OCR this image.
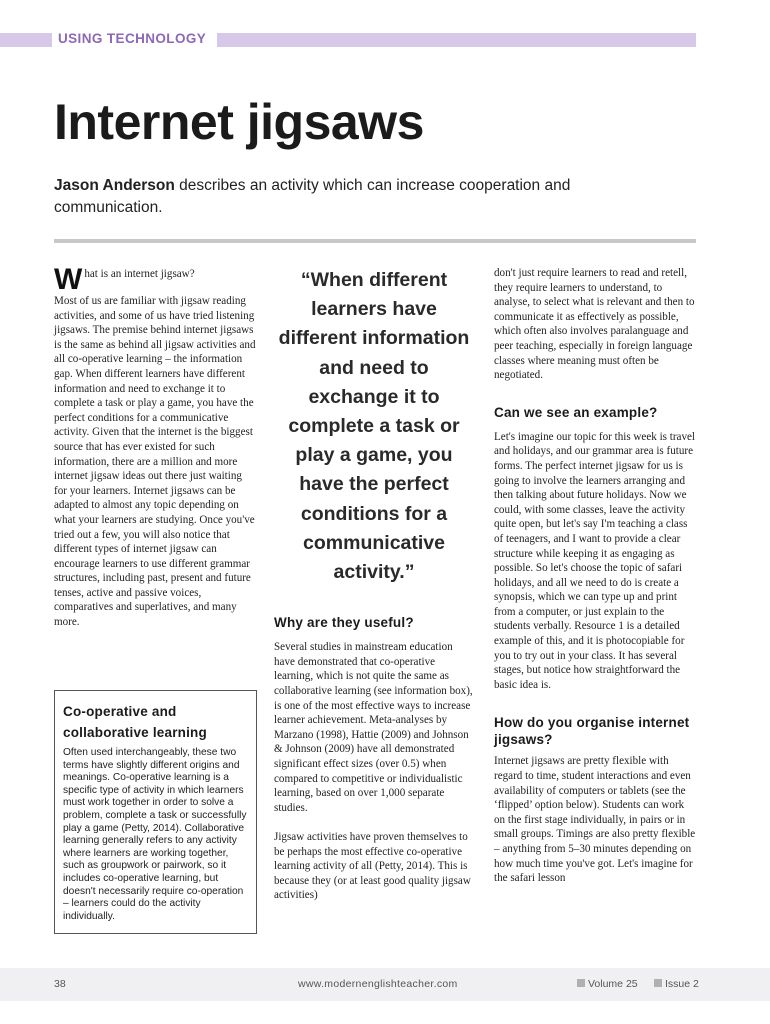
USING TECHNOLOGY
Internet jigsaws
Jason Anderson describes an activity which can increase cooperation and communication.
What is an internet jigsaw?

Most of us are familiar with jigsaw reading activities, and some of us have tried listening jigsaws. The premise behind internet jigsaws is the same as behind all jigsaw activities and all co-operative learning – the information gap. When different learners have different information and need to exchange it to complete a task or play a game, you have the perfect conditions for a communicative activity. Given that the internet is the biggest source that has ever existed for such information, there are a million and more internet jigsaw ideas out there just waiting for your learners. Internet jigsaws can be adapted to almost any topic depending on what your learners are studying. Once you've tried out a few, you will also notice that different types of internet jigsaw can encourage learners to use different grammar structures, including past, present and future tenses, active and passive voices, comparatives and superlatives, and many more.

Co-operative and collaborative learning
Often used interchangeably, these two terms have slightly different origins and meanings. Co-operative learning is a specific type of activity in which learners must work together in order to solve a problem, complete a task or successfully play a game (Petty, 2014). Collaborative learning generally refers to any activity where learners are working together, such as groupwork or pairwork, so it includes co-operative learning, but doesn't necessarily require co-operation – learners could do the activity individually.
“When different learners have different information and need to exchange it to complete a task or play a game, you have the perfect conditions for a communicative activity.”
Why are they useful?

Several studies in mainstream education have demonstrated that co-operative learning, which is not quite the same as collaborative learning (see information box), is one of the most effective ways to increase learner achievement. Meta-analyses by Marzano (1998), Hattie (2009) and Johnson & Johnson (2009) have all demonstrated significant effect sizes (over 0.5) when compared to competitive or individualistic learning, based on over 1,000 separate studies.

Jigsaw activities have proven themselves to be perhaps the most effective co-operative learning activity of all (Petty, 2014). This is because they (or at least good quality jigsaw activities)

don't just require learners to read and retell, they require learners to understand, to analyse, to select what is relevant and then to communicate it as effectively as possible, which often also involves paralanguage and peer teaching, especially in foreign language classes where meaning must often be negotiated.

Can we see an example?

Let's imagine our topic for this week is travel and holidays, and our grammar area is future forms. The perfect internet jigsaw for us is going to involve the learners arranging and then talking about future holidays. Now we could, with some classes, leave the activity quite open, but let's say I'm teaching a class of teenagers, and I want to provide a clear structure while keeping it as engaging as possible. So let's choose the topic of safari holidays, and all we need to do is create a synopsis, which we can type up and print from a computer, or just explain to the students verbally. Resource 1 is a detailed example of this, and it is photocopiable for you to try out in your class. It has several stages, but notice how straightforward the basic idea is.

How do you organise internet jigsaws?

Internet jigsaws are pretty flexible with regard to time, student interactions and even availability of computers or tablets (see the ‘flipped’ option below). Students can work on the first stage individually, in pairs or in small groups. Timings are also pretty flexible – anything from 5–30 minutes depending on how much time you've got. Let's imagine for the safari lesson

38	www.modernenglishteacher.com	Volume 25	Issue 2
